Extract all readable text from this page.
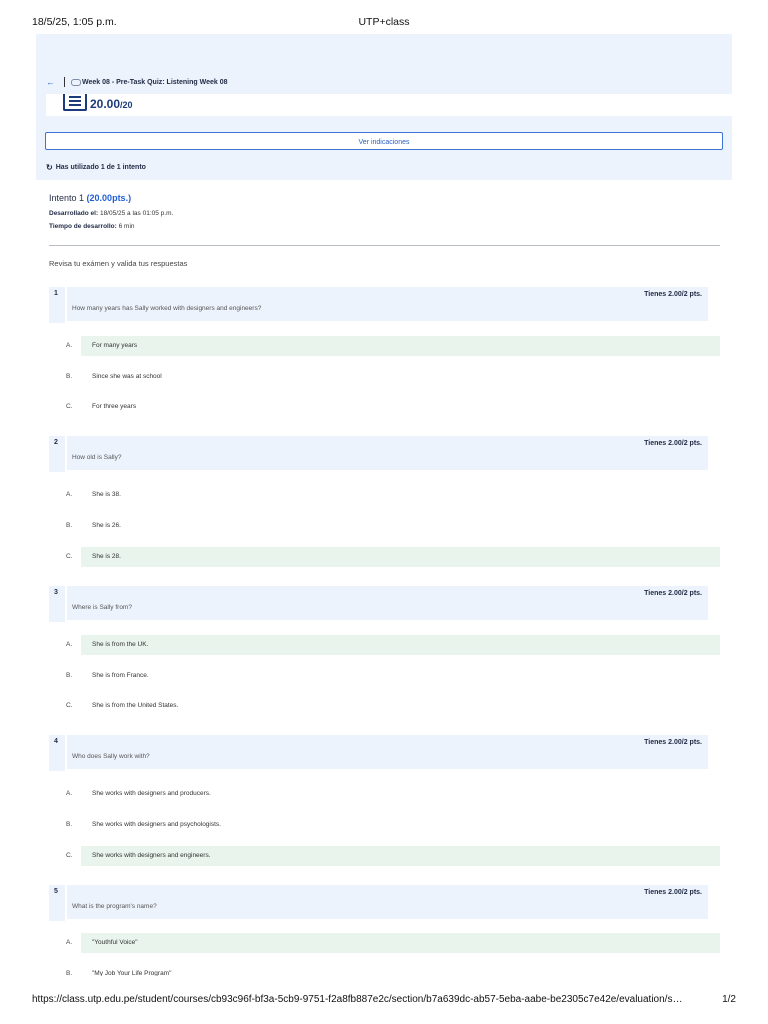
18/5/25, 1:05 p.m.	UTP+class
←	Week 08 - Pre-Task Quiz: Listening Week 08
20.00/20
Ver indicaciones
↻ Has utilizado 1 de 1 intento
Intento 1 (20.00pts.)
Desarrollado el: 18/05/25 a las 01:05 p.m.
Tiempo de desarrollo: 6 min
Revisa tu exámen y valida tus respuestas
1	Tienes 2.00/2 pts.
How many years has Sally worked with designers and engineers?
A.	For many years
B.	Since she was at school
C.	For three years
2	Tienes 2.00/2 pts.
How old is Sally?
A.	She is 38.
B.	She is 26.
C.	She is 28.
3	Tienes 2.00/2 pts.
Where is Sally from?
A.	She is from the UK.
B.	She is from France.
C.	She is from the United States.
4	Tienes 2.00/2 pts.
Who does Sally work with?
A.	She works with designers and producers.
B.	She works with designers and psychologists.
C.	She works with designers and engineers.
5	Tienes 2.00/2 pts.
What is the program's name?
A.	"Youthful Voice"
B.	"My Job Your Life Program"
https://class.utp.edu.pe/student/courses/cb93c96f-bf3a-5cb9-9751-f2a8fb887e2c/section/b7a639dc-ab57-5eba-aabe-be2305c7e42e/evaluation/s…	1/2
